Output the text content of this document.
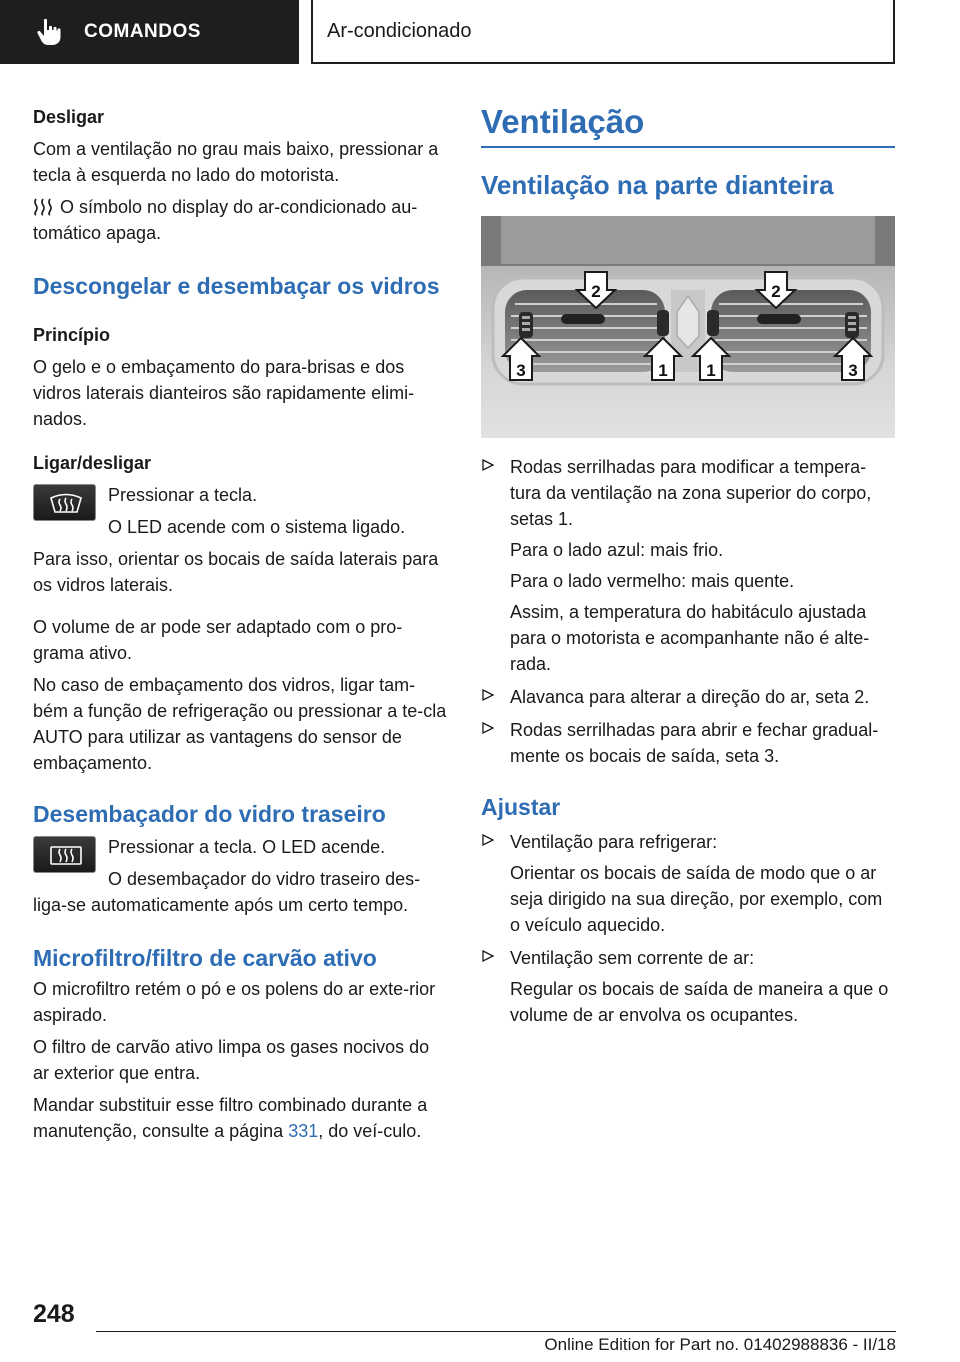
COMANDOS	Ar-condicionado

Desligar

Com a ventilação no grau mais baixo, pressionar a tecla à esquerda no lado do motorista.

O símbolo no display do ar-condicionado au-tomático apaga.

Descongelar e desembaçar os vidros

Princípio

O gelo e o embaçamento do para-brisas e dos vidros laterais dianteiros são rapidamente elimi-nados.

Ligar/desligar

Pressionar a tecla.

O LED acende com o sistema ligado.

Para isso, orientar os bocais de saída laterais para os vidros laterais.

O volume de ar pode ser adaptado com o pro-grama ativo.

No caso de embaçamento dos vidros, ligar tam-bém a função de refrigeração ou pressionar a te-cla AUTO para utilizar as vantagens do sensor de embaçamento.

Desembaçador do vidro traseiro

Pressionar a tecla. O LED acende.

O desembaçador do vidro traseiro des-liga-se automaticamente após um certo tempo.

Microfiltro/filtro de carvão ativo

O microfiltro retém o pó e os polens do ar exte-rior aspirado.

O filtro de carvão ativo limpa os gases nocivos do ar exterior que entra.

Mandar substituir esse filtro combinado durante a manutenção, consulte a página 331, do veí-culo.

Ventilação
Ventilação na parte dianteira
2	2
3	1 1	3
Rodas serrilhadas para modificar a tempera-tura da ventilação na zona superior do corpo, setas 1.

Para o lado azul: mais frio.

Para o lado vermelho: mais quente.

Assim, a temperatura do habitáculo ajustada para o motorista e acompanhante não é alte-rada.

Alavanca para alterar a direção do ar, seta 2.
Rodas serrilhadas para abrir e fechar gradual-mente os bocais de saída, seta 3.
Ajustar
Ventilação para refrigerar:

Orientar os bocais de saída de modo que o ar seja dirigido na sua direção, por exemplo, com o veículo aquecido.

Ventilação sem corrente de ar:

Regular os bocais de saída de maneira a que o volume de ar envolva os ocupantes.

248
Online Edition for Part no. 01402988836 - II/18
